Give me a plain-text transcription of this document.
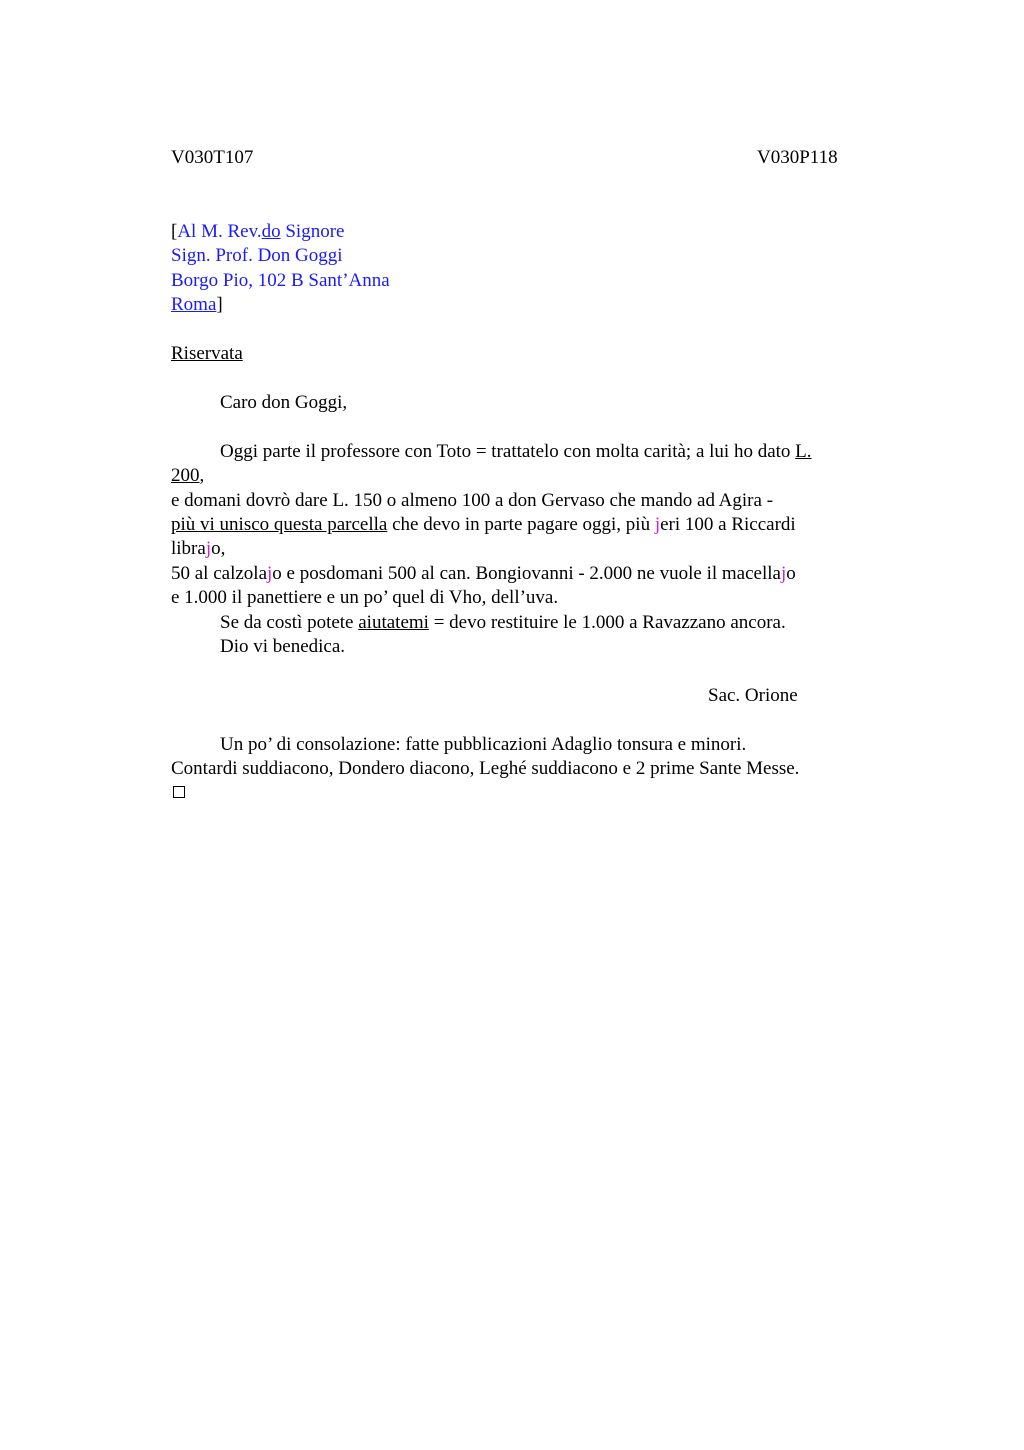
V030T107	V030P118
[Al M. Rev.do Signore
Sign. Prof. Don Goggi
Borgo Pio, 102 B Sant’Anna
Roma]
Riservata
Caro don Goggi,
Oggi parte il professore con Toto = trattatelo con molta carità; a lui ho dato L.
200,
e domani dovrò dare L. 150 o almeno 100 a don Gervaso che mando ad Agira -
più vi unisco questa parcella che devo in parte pagare oggi, più jeri 100 a Riccardi
librajo,
50 al calzolajo e posdomani 500 al can. Bongiovanni - 2.000 ne vuole il macellajo
e 1.000 il panettiere e un po’ quel di Vho, dell’uva.
Se da costì potete aiutatemi = devo restituire le 1.000 a Ravazzano ancora.
Dio vi benedica.
Sac. Orione
Un po’ di consolazione: fatte pubblicazioni Adaglio tonsura e minori.
Contardi suddiacono, Dondero diacono, Leghé suddiacono e 2 prime Sante Messe.
